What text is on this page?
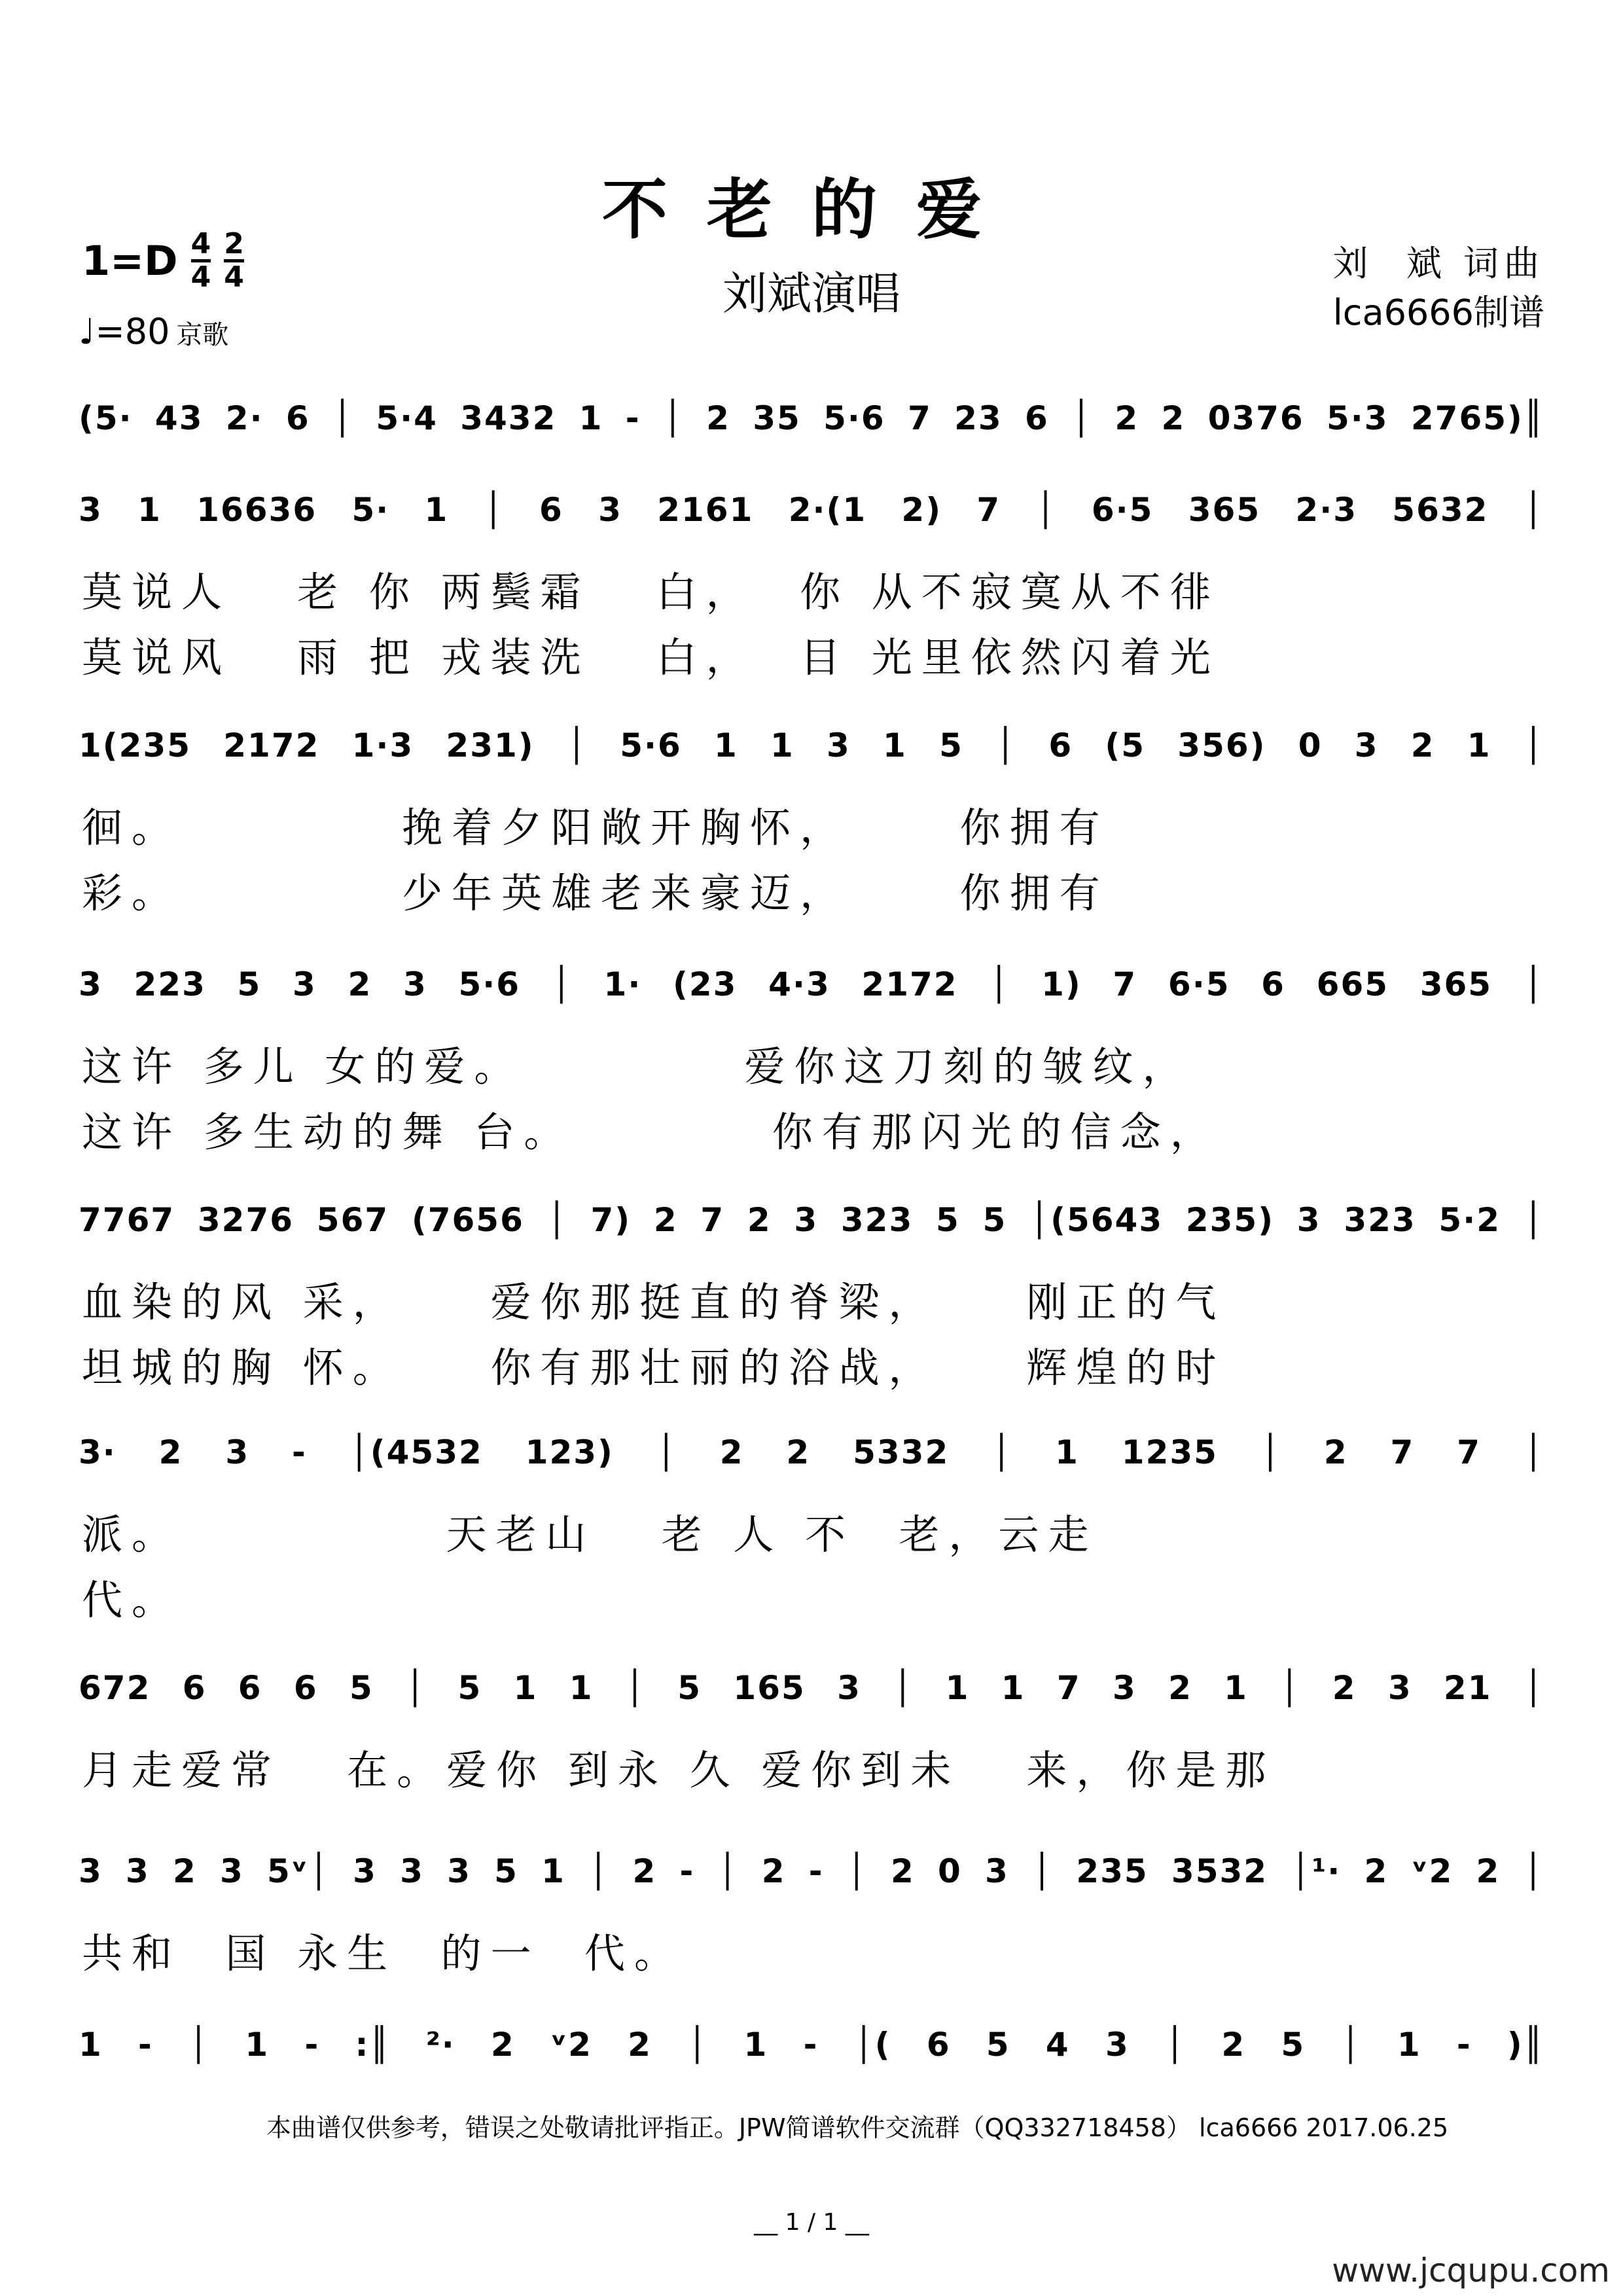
不老的爱
刘斌演唱
$1=D \frac{4}{4} \frac{2}{4}$
♩=80 京歌
刘  斌 词曲
lca6666制谱
(5· 43 2· 6 │ 5·4 3432 1 - │ 2 35 5·6 7 23 6 │ 2 2 0376 5·3 2765)║
3 1 16636 5· 1 │ 6 3 2161 2·(1 2) 7 │ 6·5 365 2·3 5632 │
莫说人   老 你 两鬓霜   白，  你 从不寂寞从不徘
莫说风   雨 把 戎装洗   白，  目 光里依然闪着光
1(235 2172 1·3 231) │ 5·6 1 1 3 1 5 │ 6 (5 356) 0 3 2 1 │
徊。          挽着夕阳敞开胸怀，     你拥有
彩。          少年英雄老来豪迈，     你拥有
3 223 5 3 2 3 5·6 │ 1· (23 4·3 2172 │ 1) 7 6·5 6 665 365 │
这许 多儿 女的爱。          爱你这刀刻的皱纹，
这许 多生动的舞 台。         你有那闪光的信念，
7767 3276 567 (7656 │ 7) 2 7 2 3 323 5 5 │(5643 235) 3 323 5·2 │
血染的风 采，    爱你那挺直的脊梁，    刚正的气
坦城的胸 怀。    你有那壮丽的浴战，    辉煌的时
3· 2 3 - │(4532 123) │ 2 2 5332 │ 1 1235 │ 2 7 7 │
派。            天老山   老 人 不  老，云走
代。
672 6 6 6 5 │ 5 1 1 │ 5 165 3 │ 1 1 7 3 2 1 │ 2 3 21 │
月走爱常   在。爱你 到永 久 爱你到未   来，你是那
3 3 2 3 5ᵛ│ 3 3 3 5 1 │ 2 - │ 2 - │ 2 0 3 │ 235 3532 │¹· 2 ᵛ2 2 │
共和  国 永生  的一  代。
1 - │ 1 - :║ ²· 2 ᵛ2 2 │ 1 - │( 6 5 4 3 │ 2 5 │ 1 - )║
本曲谱仅供参考，错误之处敬请批评指正。JPW简谱软件交流群（QQ332718458） lca6666 2017.06.25
__ 1 / 1 __
www.jcqupu.com
